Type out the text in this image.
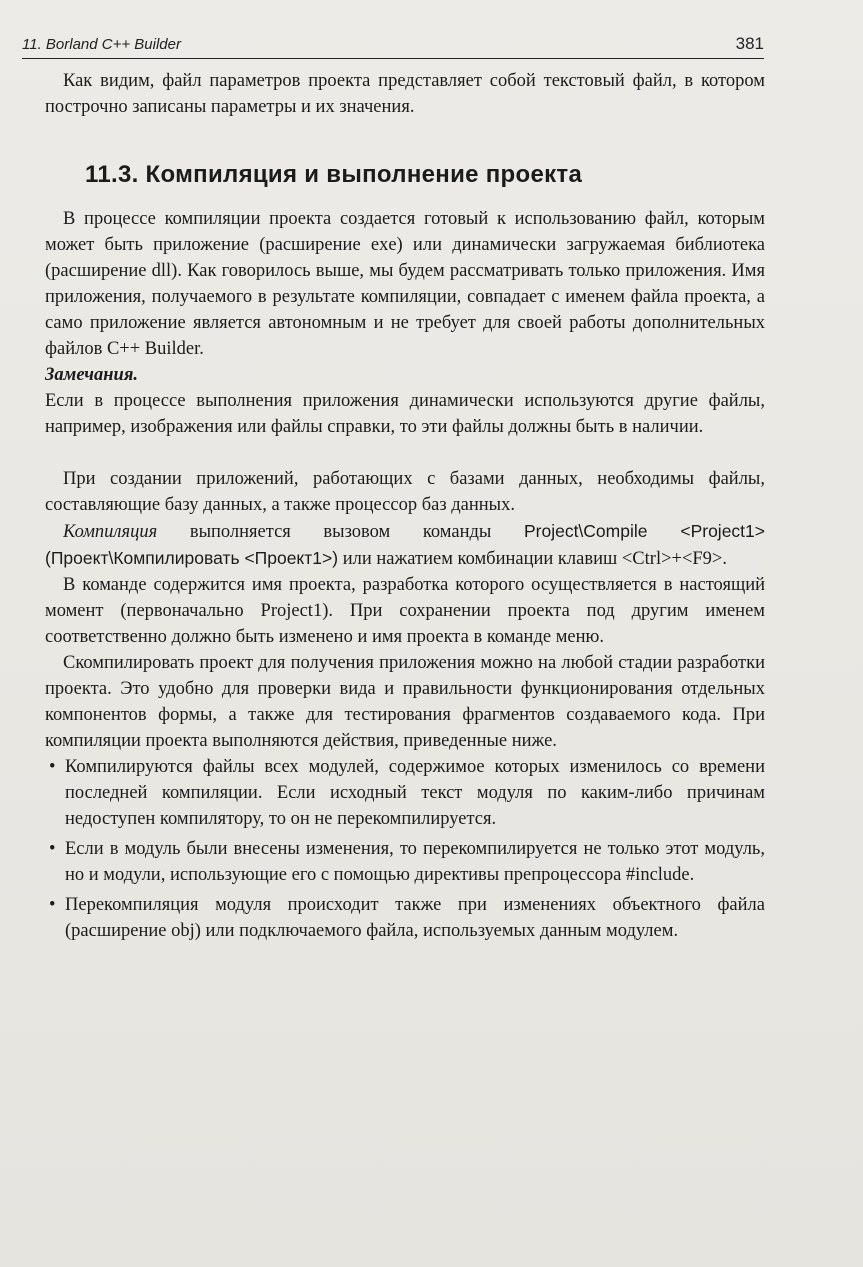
11. Borland C++ Builder	381

Как видим, файл параметров проекта представляет собой текстовый файл, в котором построчно записаны параметры и их значения.

11.3. Компиляция и выполнение проекта

В процессе компиляции проекта создается готовый к использованию файл, которым может быть приложение (расширение exe) или динамически загружаемая библиотека (расширение dll). Как говорилось выше, мы будем рассматривать только приложения. Имя приложения, получаемого в результате компиляции, совпадает с именем файла проекта, а само приложение является автономным и не требует для своей работы дополнительных файлов C++ Builder.

Замечания.

Если в процессе выполнения приложения динамически используются другие файлы, например, изображения или файлы справки, то эти файлы должны быть в наличии.

При создании приложений, работающих с базами данных, необходимы файлы, составляющие базу данных, а также процессор баз данных.

Компиляция выполняется вызовом команды Project\Compile <Project1> (Проект\Компилировать <Проект1>) или нажатием комбинации клавиш <Ctrl>+<F9>.

В команде содержится имя проекта, разработка которого осуществляется в настоящий момент (первоначально Project1). При сохранении проекта под другим именем соответственно должно быть изменено и имя проекта в команде меню.

Скомпилировать проект для получения приложения можно на любой стадии разработки проекта. Это удобно для проверки вида и правильности функционирования отдельных компонентов формы, а также для тестирования фрагментов создаваемого кода. При компиляции проекта выполняются действия, приведенные ниже.

• Компилируются файлы всех модулей, содержимое которых изменилось со времени последней компиляции. Если исходный текст модуля по каким-либо причинам недоступен компилятору, то он не перекомпилируется.
• Если в модуль были внесены изменения, то перекомпилируется не только этот модуль, но и модули, использующие его с помощью директивы препроцессора #include.
• Перекомпиляция модуля происходит также при изменениях объектного файла (расширение obj) или подключаемого файла, используемых данным модулем.
